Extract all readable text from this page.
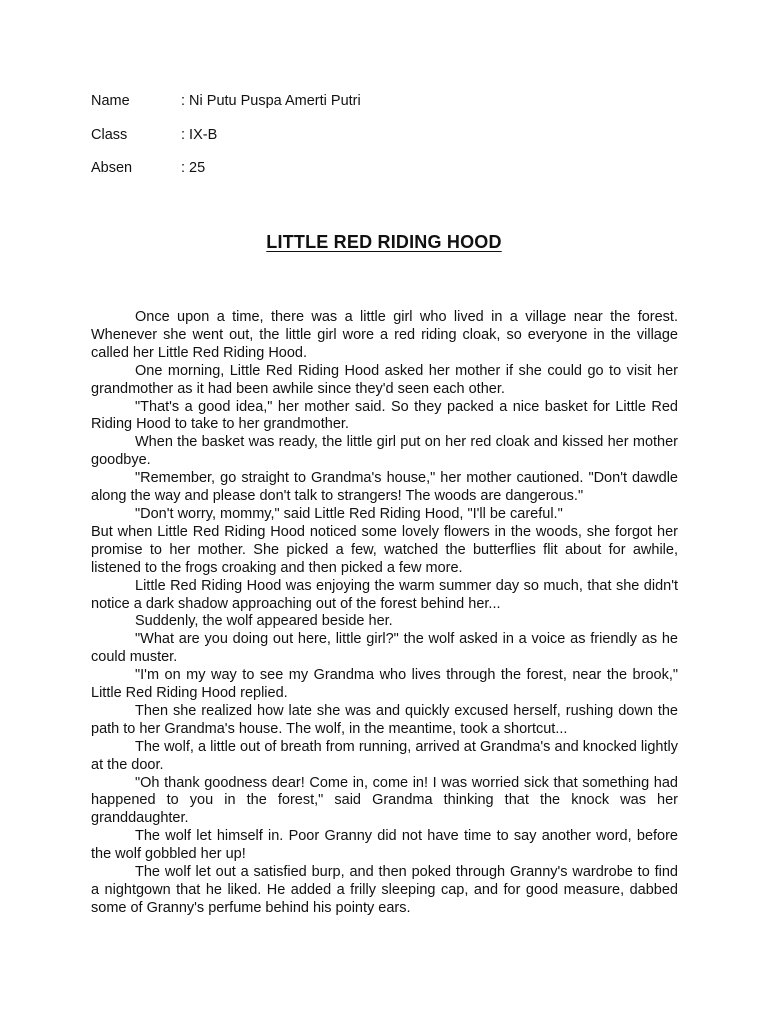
Name	: Ni Putu Puspa Amerti Putri
Class	: IX-B
Absen	: 25
LITTLE RED RIDING HOOD

Once upon a time, there was a little girl who lived in a village near the forest. Whenever she went out, the little girl wore a red riding cloak, so everyone in the village called her Little Red Riding Hood.

One morning, Little Red Riding Hood asked her mother if she could go to visit her grandmother as it had been awhile since they'd seen each other.

"That's a good idea," her mother said. So they packed a nice basket for Little Red Riding Hood to take to her grandmother.

When the basket was ready, the little girl put on her red cloak and kissed her mother goodbye.

"Remember, go straight to Grandma's house," her mother cautioned. "Don't dawdle along the way and please don't talk to strangers! The woods are dangerous."

"Don't worry, mommy," said Little Red Riding Hood, "I'll be careful."

But when Little Red Riding Hood noticed some lovely flowers in the woods, she forgot her promise to her mother. She picked a few, watched the butterflies flit about for awhile, listened to the frogs croaking and then picked a few more.

Little Red Riding Hood was enjoying the warm summer day so much, that she didn't notice a dark shadow approaching out of the forest behind her...

Suddenly, the wolf appeared beside her.

"What are you doing out here, little girl?" the wolf asked in a voice as friendly as he could muster.

"I'm on my way to see my Grandma who lives through the forest, near the brook," Little Red Riding Hood replied.

Then she realized how late she was and quickly excused herself, rushing down the path to her Grandma's house. The wolf, in the meantime, took a shortcut...

The wolf, a little out of breath from running, arrived at Grandma's and knocked lightly at the door.

"Oh thank goodness dear! Come in, come in! I was worried sick that something had happened to you in the forest," said Grandma thinking that the knock was her granddaughter.

The wolf let himself in. Poor Granny did not have time to say another word, before the wolf gobbled her up!

The wolf let out a satisfied burp, and then poked through Granny's wardrobe to find a nightgown that he liked. He added a frilly sleeping cap, and for good measure, dabbed some of Granny's perfume behind his pointy ears.
